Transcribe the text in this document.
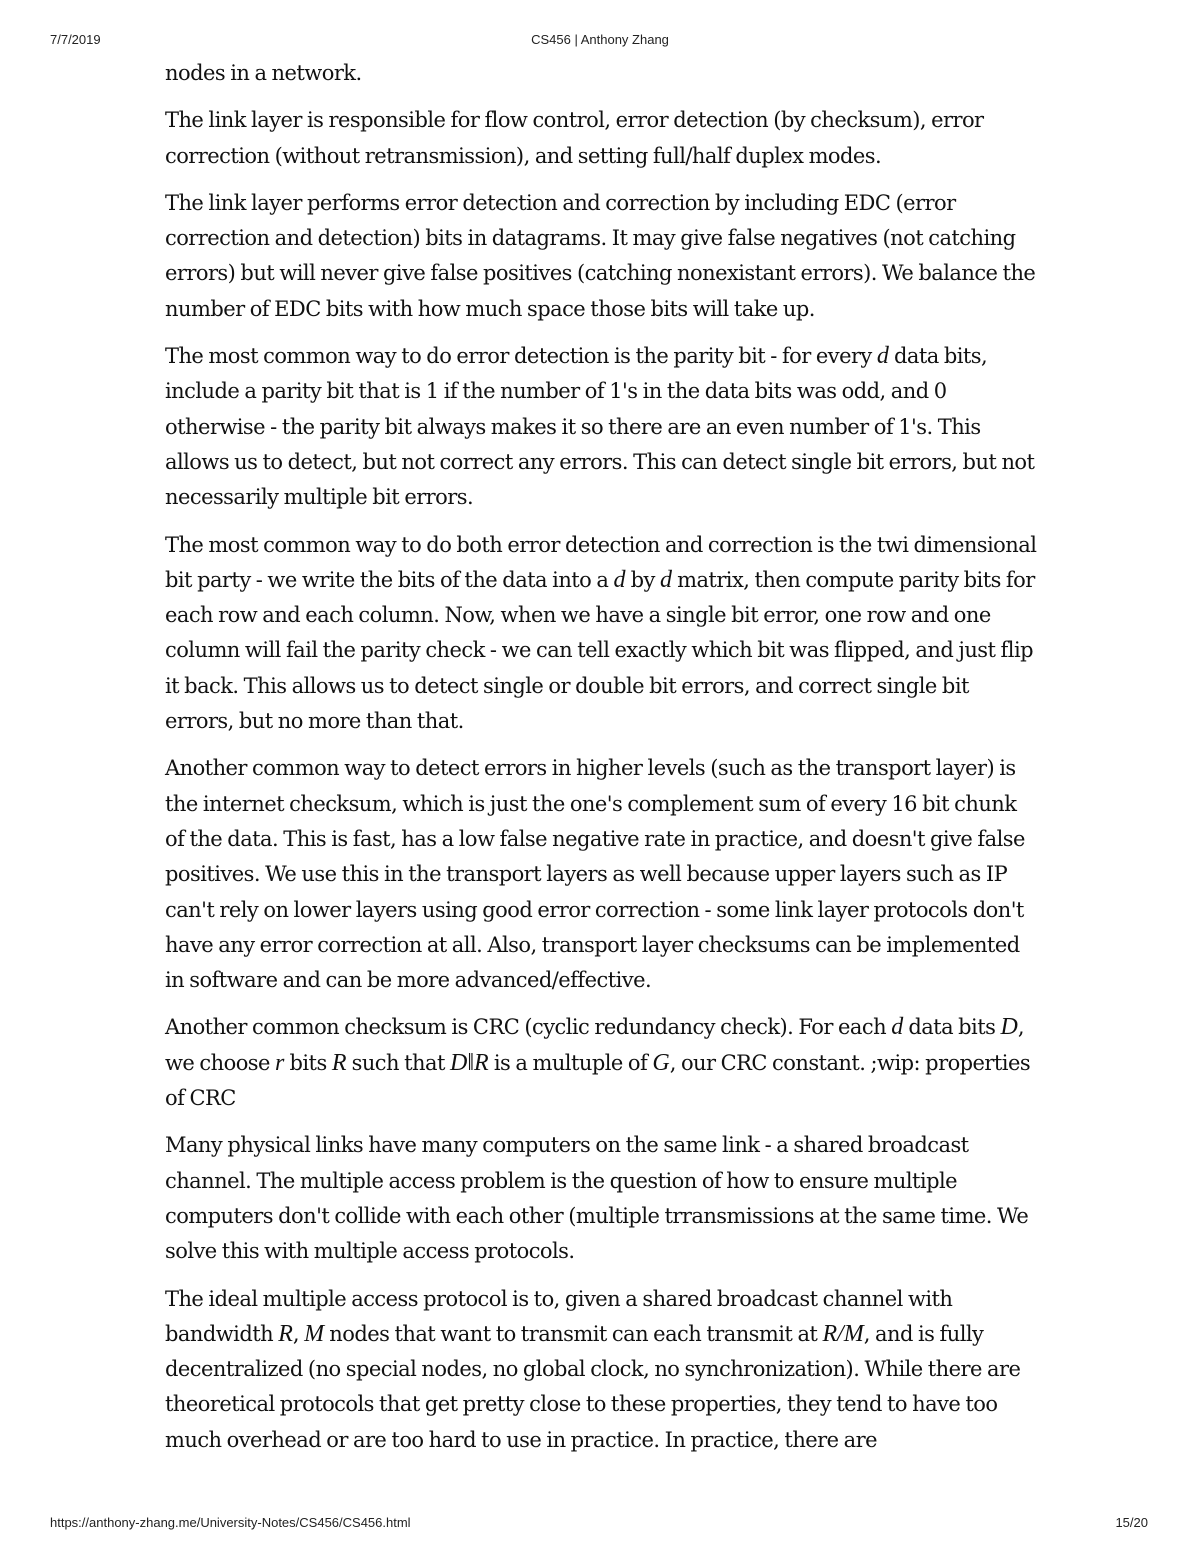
7/7/2019	CS456 | Anthony Zhang

nodes in a network.

The link layer is responsible for flow control, error detection (by checksum), error correction (without retransmission), and setting full/half duplex modes.

The link layer performs error detection and correction by including EDC (error correction and detection) bits in datagrams. It may give false negatives (not catching errors) but will never give false positives (catching nonexistant errors). We balance the number of EDC bits with how much space those bits will take up.

The most common way to do error detection is the parity bit - for every d data bits, include a parity bit that is 1 if the number of 1's in the data bits was odd, and 0 otherwise - the parity bit always makes it so there are an even number of 1's. This allows us to detect, but not correct any errors. This can detect single bit errors, but not necessarily multiple bit errors.

The most common way to do both error detection and correction is the twi dimensional bit party - we write the bits of the data into a d by d matrix, then compute parity bits for each row and each column. Now, when we have a single bit error, one row and one column will fail the parity check - we can tell exactly which bit was flipped, and just flip it back. This allows us to detect single or double bit errors, and correct single bit errors, but no more than that.

Another common way to detect errors in higher levels (such as the transport layer) is the internet checksum, which is just the one's complement sum of every 16 bit chunk of the data. This is fast, has a low false negative rate in practice, and doesn't give false positives. We use this in the transport layers as well because upper layers such as IP can't rely on lower layers using good error correction - some link layer protocols don't have any error correction at all. Also, transport layer checksums can be implemented in software and can be more advanced/effective.

Another common checksum is CRC (cyclic redundancy check). For each d data bits D, we choose r bits R such that D‖R is a multuple of G, our CRC constant. ;wip: properties of CRC

Many physical links have many computers on the same link - a shared broadcast channel. The multiple access problem is the question of how to ensure multiple computers don't collide with each other (multiple trransmissions at the same time. We solve this with multiple access protocols.

The ideal multiple access protocol is to, given a shared broadcast channel with bandwidth R, M nodes that want to transmit can each transmit at R/M, and is fully decentralized (no special nodes, no global clock, no synchronization). While there are theoretical protocols that get pretty close to these properties, they tend to have too much overhead or are too hard to use in practice. In practice, there are

https://anthony-zhang.me/University-Notes/CS456/CS456.html	15/20
